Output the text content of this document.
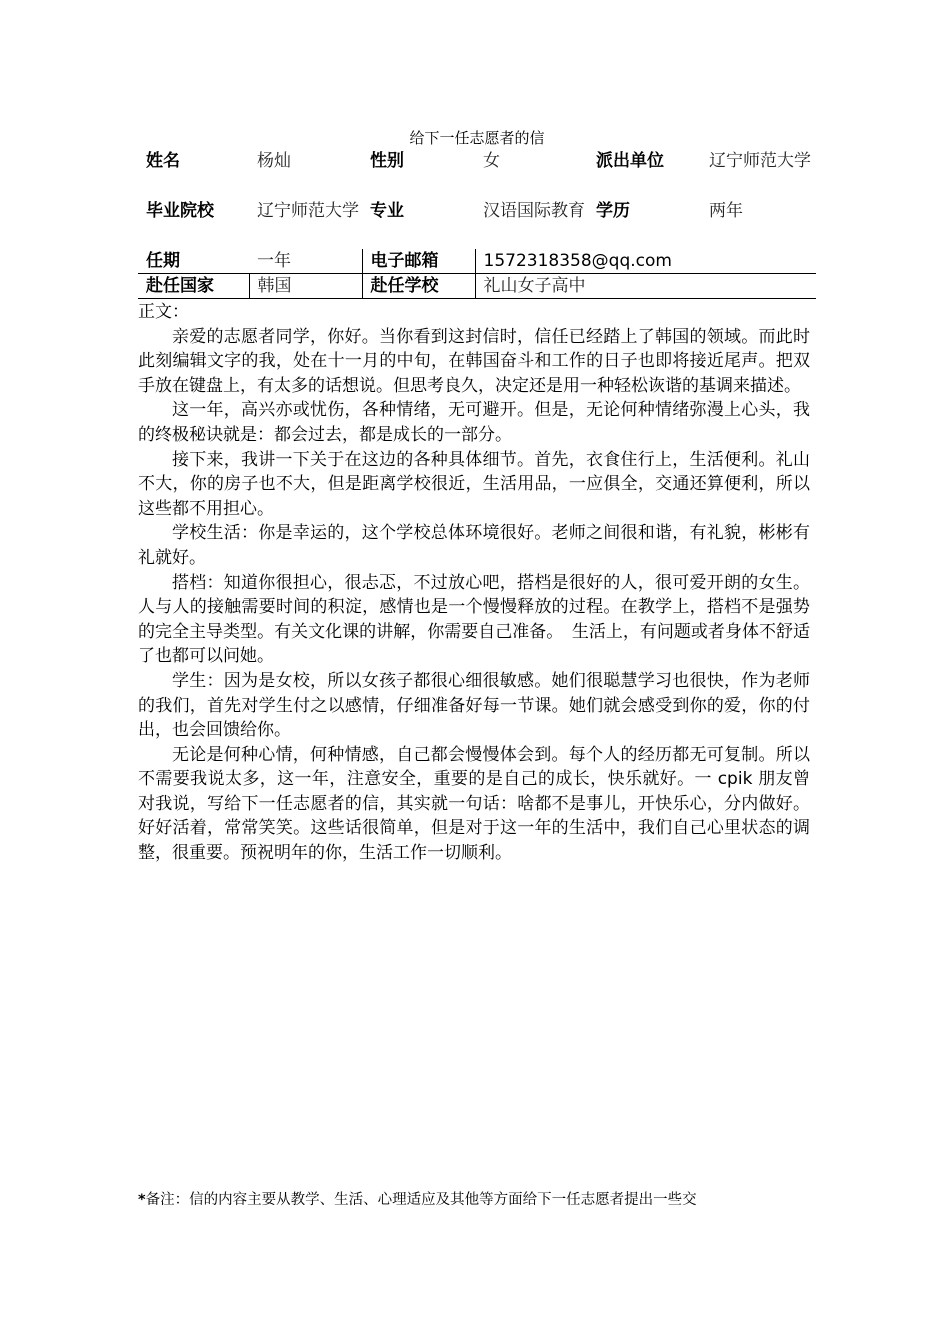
给下一任志愿者的信
姓名	杨灿	性别	女	派出单位	辽宁师范大学
毕业院校	辽宁师范大学	专业	汉语国际教育	学历	两年
任期	一年	电子邮箱	1572318358@qq.com		
赴任国家	韩国	赴任学校	礼山女子高中		

正文：

亲爱的志愿者同学，你好。当你看到这封信时，信任已经踏上了韩国的领域。而此时此刻编辑文字的我，处在十一月的中旬，在韩国奋斗和工作的日子也即将接近尾声。把双手放在键盘上，有太多的话想说。但思考良久，决定还是用一种轻松诙谐的基调来描述。

这一年，高兴亦或忧伤，各种情绪，无可避开。但是，无论何种情绪弥漫上心头，我的终极秘诀就是：都会过去，都是成长的一部分。

接下来，我讲一下关于在这边的各种具体细节。首先，衣食住行上，生活便利。礼山不大，你的房子也不大，但是距离学校很近，生活用品，一应俱全，交通还算便利，所以这些都不用担心。

学校生活：你是幸运的，这个学校总体环境很好。老师之间很和谐，有礼貌，彬彬有礼就好。

搭档：知道你很担心，很忐忑，不过放心吧，搭档是很好的人，很可爱开朗的女生。人与人的接触需要时间的积淀，感情也是一个慢慢释放的过程。在教学上，搭档不是强势的完全主导类型。有关文化课的讲解，你需要自己准备。　生活上，有问题或者身体不舒适了也都可以问她。

学生：因为是女校，所以女孩子都很心细很敏感。她们很聪慧学习也很快，作为老师的我们，首先对学生付之以感情，仔细准备好每一节课。她们就会感受到你的爱，你的付出，也会回馈给你。

无论是何种心情，何种情感，自己都会慢慢体会到。每个人的经历都无可复制。所以不需要我说太多，这一年，注意安全，重要的是自己的成长，快乐就好。一 cpik 朋友曾对我说，写给下一任志愿者的信，其实就一句话：啥都不是事儿，开快乐心，分内做好。好好活着，常常笑笑。这些话很简单，但是对于这一年的生活中，我们自己心里状态的调整，很重要。预祝明年的你，生活工作一切顺利。

*备注：信的内容主要从教学、生活、心理适应及其他等方面给下一任志愿者提出一些交
